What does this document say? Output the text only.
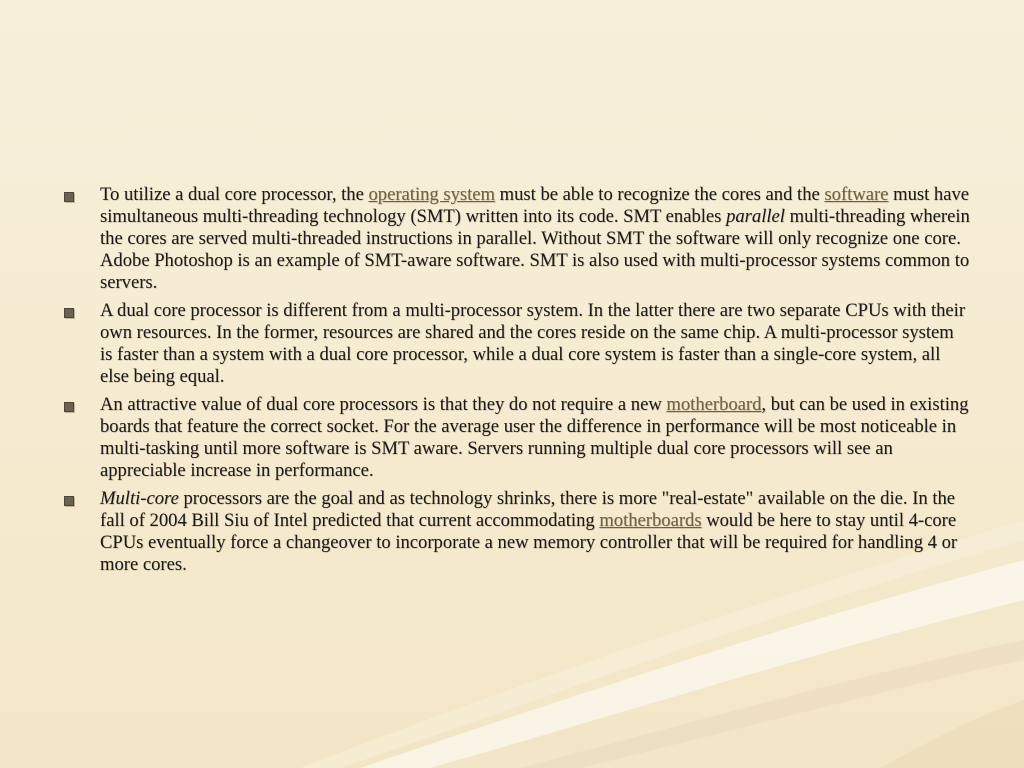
To utilize a dual core processor, the operating system must be able to recognize the cores and the software must have simultaneous multi-threading technology (SMT) written into its code. SMT enables parallel multi-threading wherein the cores are served multi-threaded instructions in parallel. Without SMT the software will only recognize one core. Adobe Photoshop is an example of SMT-aware software. SMT is also used with multi-processor systems common to servers.
A dual core processor is different from a multi-processor system. In the latter there are two separate CPUs with their own resources. In the former, resources are shared and the cores reside on the same chip. A multi-processor system is faster than a system with a dual core processor, while a dual core system is faster than a single-core system, all else being equal.
An attractive value of dual core processors is that they do not require a new motherboard, but can be used in existing boards that feature the correct socket. For the average user the difference in performance will be most noticeable in multi-tasking until more software is SMT aware. Servers running multiple dual core processors will see an appreciable increase in performance.
Multi-core processors are the goal and as technology shrinks, there is more "real-estate" available on the die. In the fall of 2004 Bill Siu of Intel predicted that current accommodating motherboards would be here to stay until 4-core CPUs eventually force a changeover to incorporate a new memory controller that will be required for handling 4 or more cores.
